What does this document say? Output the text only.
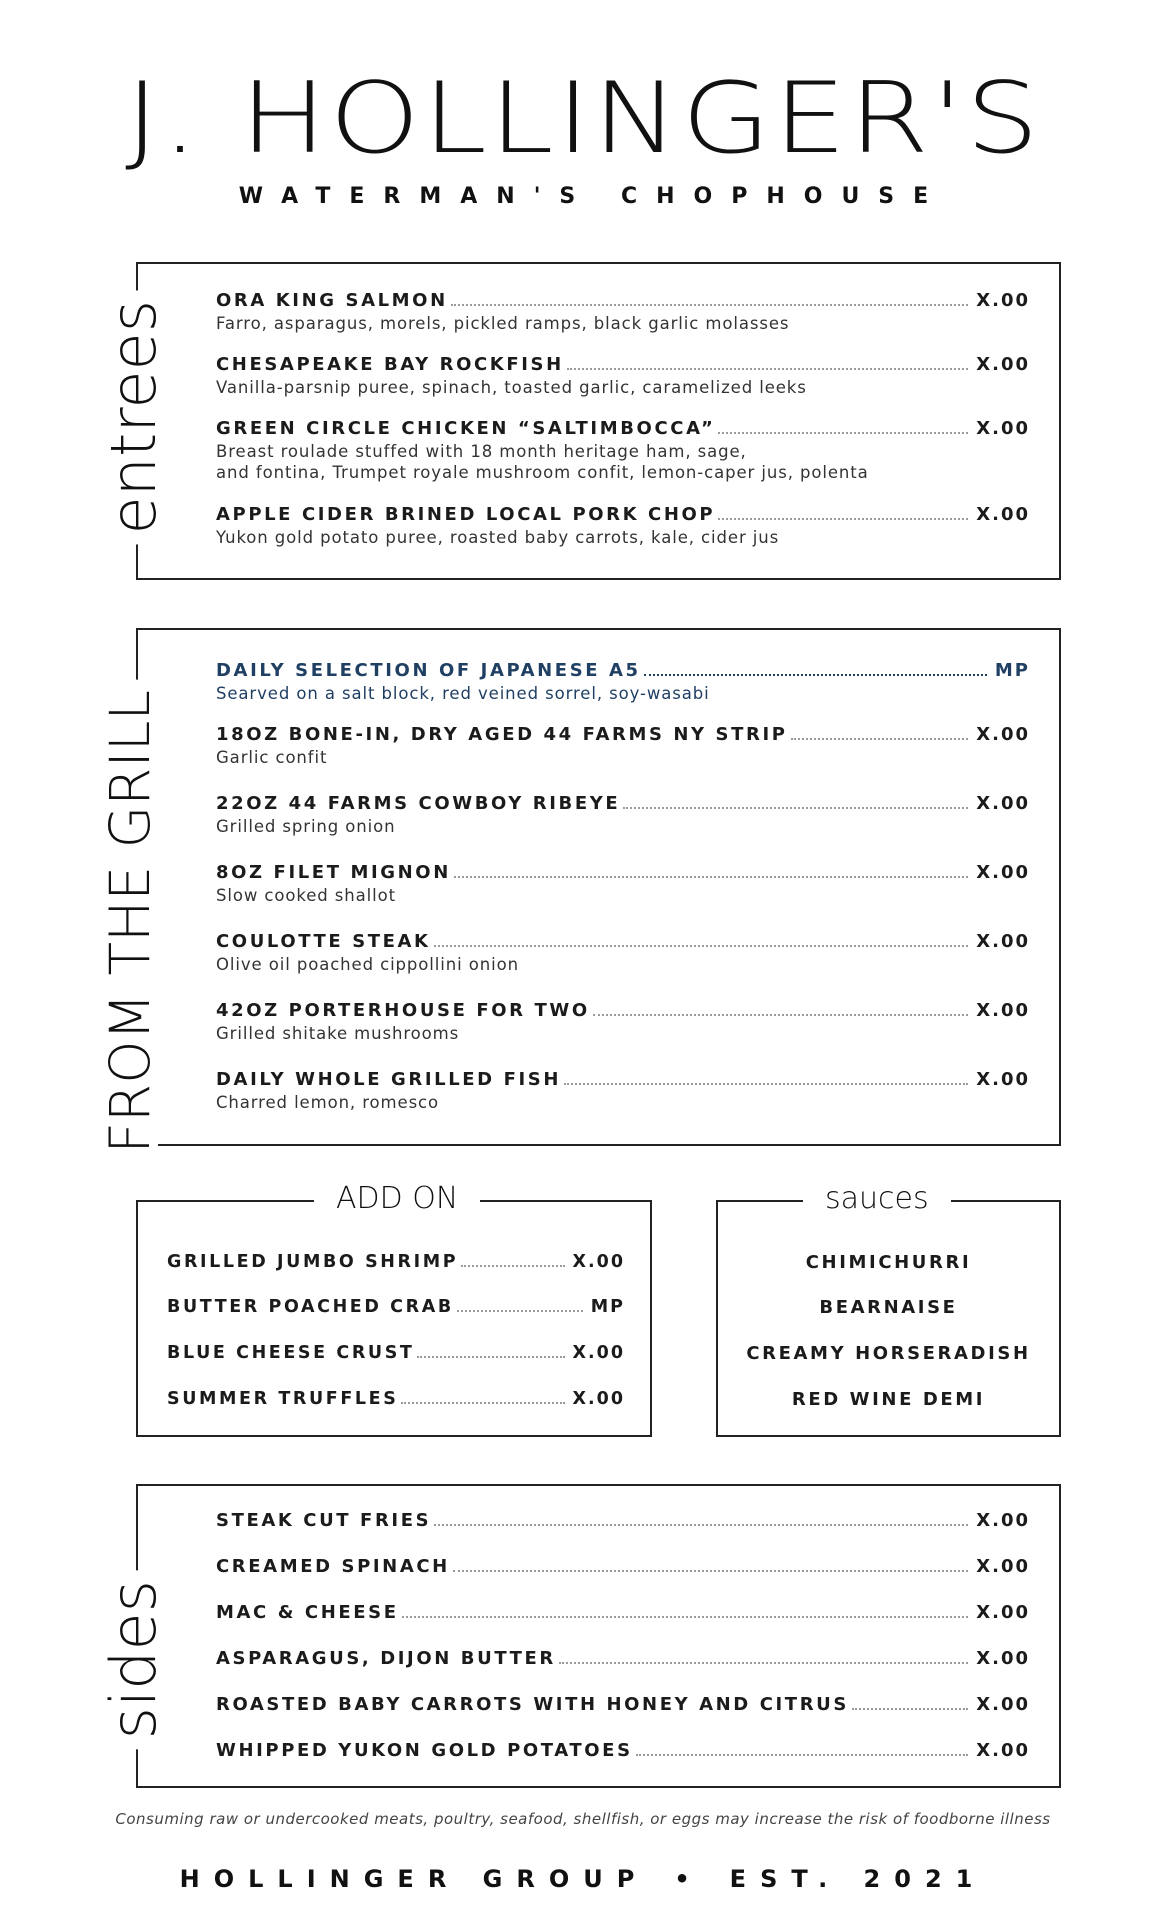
J. HOLLINGER'S
WATERMAN'S CHOPHOUSE
entrees	ORA KING SALMON	X.00
Farro, asparagus, morels, pickled ramps, black garlic molasses
CHESAPEAKE BAY ROCKFISH	X.00
Vanilla-parsnip puree, spinach, toasted garlic, caramelized leeks
GREEN CIRCLE CHICKEN “SALTIMBOCCA”	X.00
Breast roulade stuffed with 18 month heritage ham, sage,
and fontina, Trumpet royale mushroom confit, lemon-caper jus, polenta
APPLE CIDER BRINED LOCAL PORK CHOP	X.00
Yukon gold potato puree, roasted baby carrots, kale, cider jus
FROM THE GRILL
DAILY SELECTION OF JAPANESE A5	MP
Searved on a salt block, red veined sorrel, soy-wasabi
18OZ BONE-IN, DRY AGED 44 FARMS NY STRIP	X.00
Garlic confit
22OZ 44 FARMS COWBOY RIBEYE	X.00
Grilled spring onion
8OZ FILET MIGNON	X.00
Slow cooked shallot
COULOTTE STEAK	X.00
Olive oil poached cippollini onion
42OZ PORTERHOUSE FOR TWO	X.00
Grilled shitake mushrooms
DAILY WHOLE GRILLED FISH	X.00
Charred lemon, romesco
ADD ON
GRILLED JUMBO SHRIMP	X.00
BUTTER POACHED CRAB	MP
BLUE CHEESE CRUST	X.00
SUMMER TRUFFLES	X.00
sauces
CHIMICHURRI
BEARNAISE
CREAMY HORSERADISH
RED WINE DEMI
sides
STEAK CUT FRIES	X.00
CREAMED SPINACH	X.00
MAC & CHEESE	X.00
ASPARAGUS, DIJON BUTTER	X.00
ROASTED BABY CARROTS WITH HONEY AND CITRUS	X.00
WHIPPED YUKON GOLD POTATOES	X.00
Consuming raw or undercooked meats, poultry, seafood, shellfish, or eggs may increase the risk of foodborne illness
HOLLINGER GROUP • EST. 2021
